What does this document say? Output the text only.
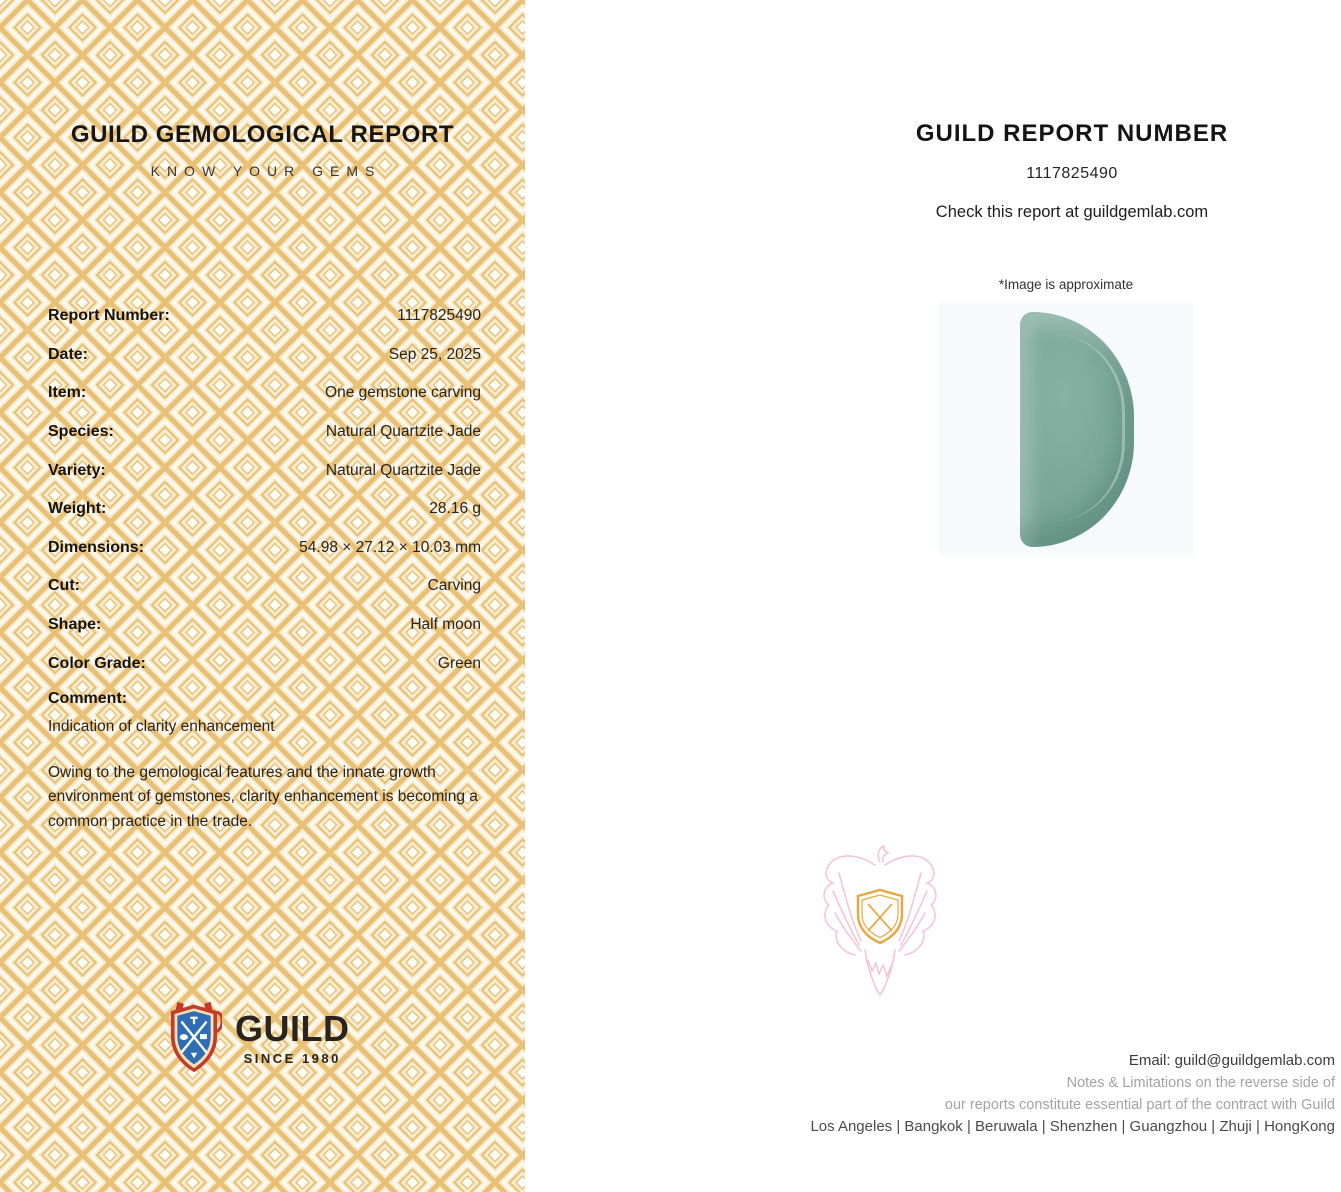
GUILD GEMOLOGICAL REPORT
KNOW YOUR GEMS
Report Number:	1117825490
Date:	Sep 25, 2025
Item:	One gemstone carving
Species:	Natural Quartzite Jade
Variety:	Natural Quartzite Jade
Weight:	28.16 g
Dimensions:	54.98 × 27.12 × 10.03 mm
Cut:	Carving
Shape:	Half moon
Color Grade:	Green
Comment:
Indication of clarity enhancement
Owing to the gemological features and the innate growth environment of gemstones, clarity enhancement is becoming a common practice in the trade.
GUILD
SINCE 1980
GUILD REPORT NUMBER
1117825490
Check this report at guildgemlab.com
*Image is approximate
Email: guild@guildgemlab.com
Notes & Limitations on the reverse side of
our reports constitute essential part of the contract with Guild
Los Angeles | Bangkok | Beruwala | Shenzhen | Guangzhou | Zhuji | HongKong
